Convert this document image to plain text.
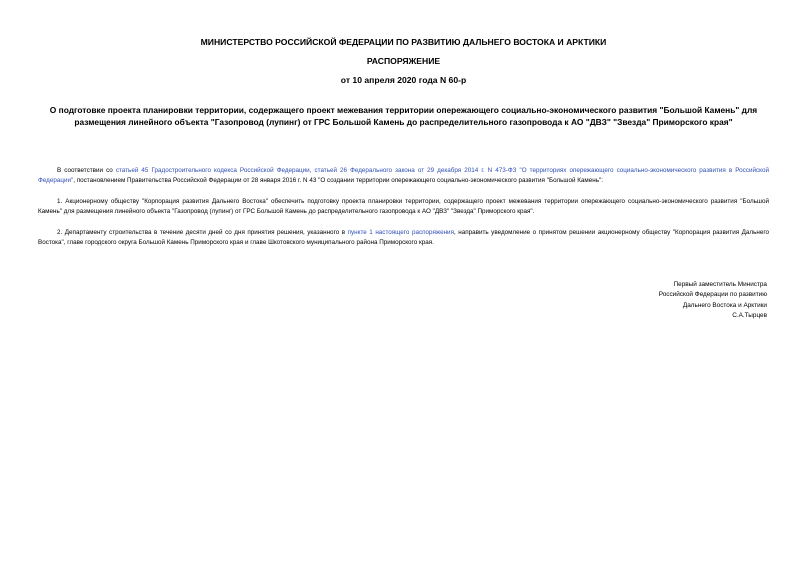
МИНИСТЕРСТВО РОССИЙСКОЙ ФЕДЕРАЦИИ ПО РАЗВИТИЮ ДАЛЬНЕГО ВОСТОКА И АРКТИКИ
РАСПОРЯЖЕНИЕ
от 10 апреля 2020 года N 60-р
О подготовке проекта планировки территории, содержащего проект межевания территории опережающего социально-экономического развития "Большой Камень" для размещения линейного объекта "Газопровод (лупинг) от ГРС Большой Камень до распределительного газопровода к АО "ДВЗ" "Звезда" Приморского края"
В соответствии со статьей 45 Градостроительного кодекса Российской Федерации, статьей 26 Федерального закона от 29 декабря 2014 г. N 473-ФЗ "О территориях опережающего социально-экономического развития в Российской Федерации", постановлением Правительства Российской Федерации от 28 января 2016 г. N 43 "О создании территории опережающего социально-экономического развития "Большой Камень":
1. Акционерному обществу "Корпорация развития Дальнего Востока" обеспечить подготовку проекта планировки территории, содержащего проект межевания территории опережающего социально-экономического развития "Большой Камень" для размещения линейного объекта "Газопровод (лупинг) от ГРС Большой Камень до распределительного газопровода к АО "ДВЗ" "Звезда" Приморского края".
2. Департаменту строительства в течение десяти дней со дня принятия решения, указанного в пункте 1 настоящего распоряжения, направить уведомление о принятом решении акционерному обществу "Корпорация развития Дальнего Востока", главе городского округа Большой Камень Приморского края и главе Шкотовского муниципального района Приморского края.
Первый заместитель Министра
Российской Федерации по развитию
Дальнего Востока и Арктики
С.А.Тырцев
